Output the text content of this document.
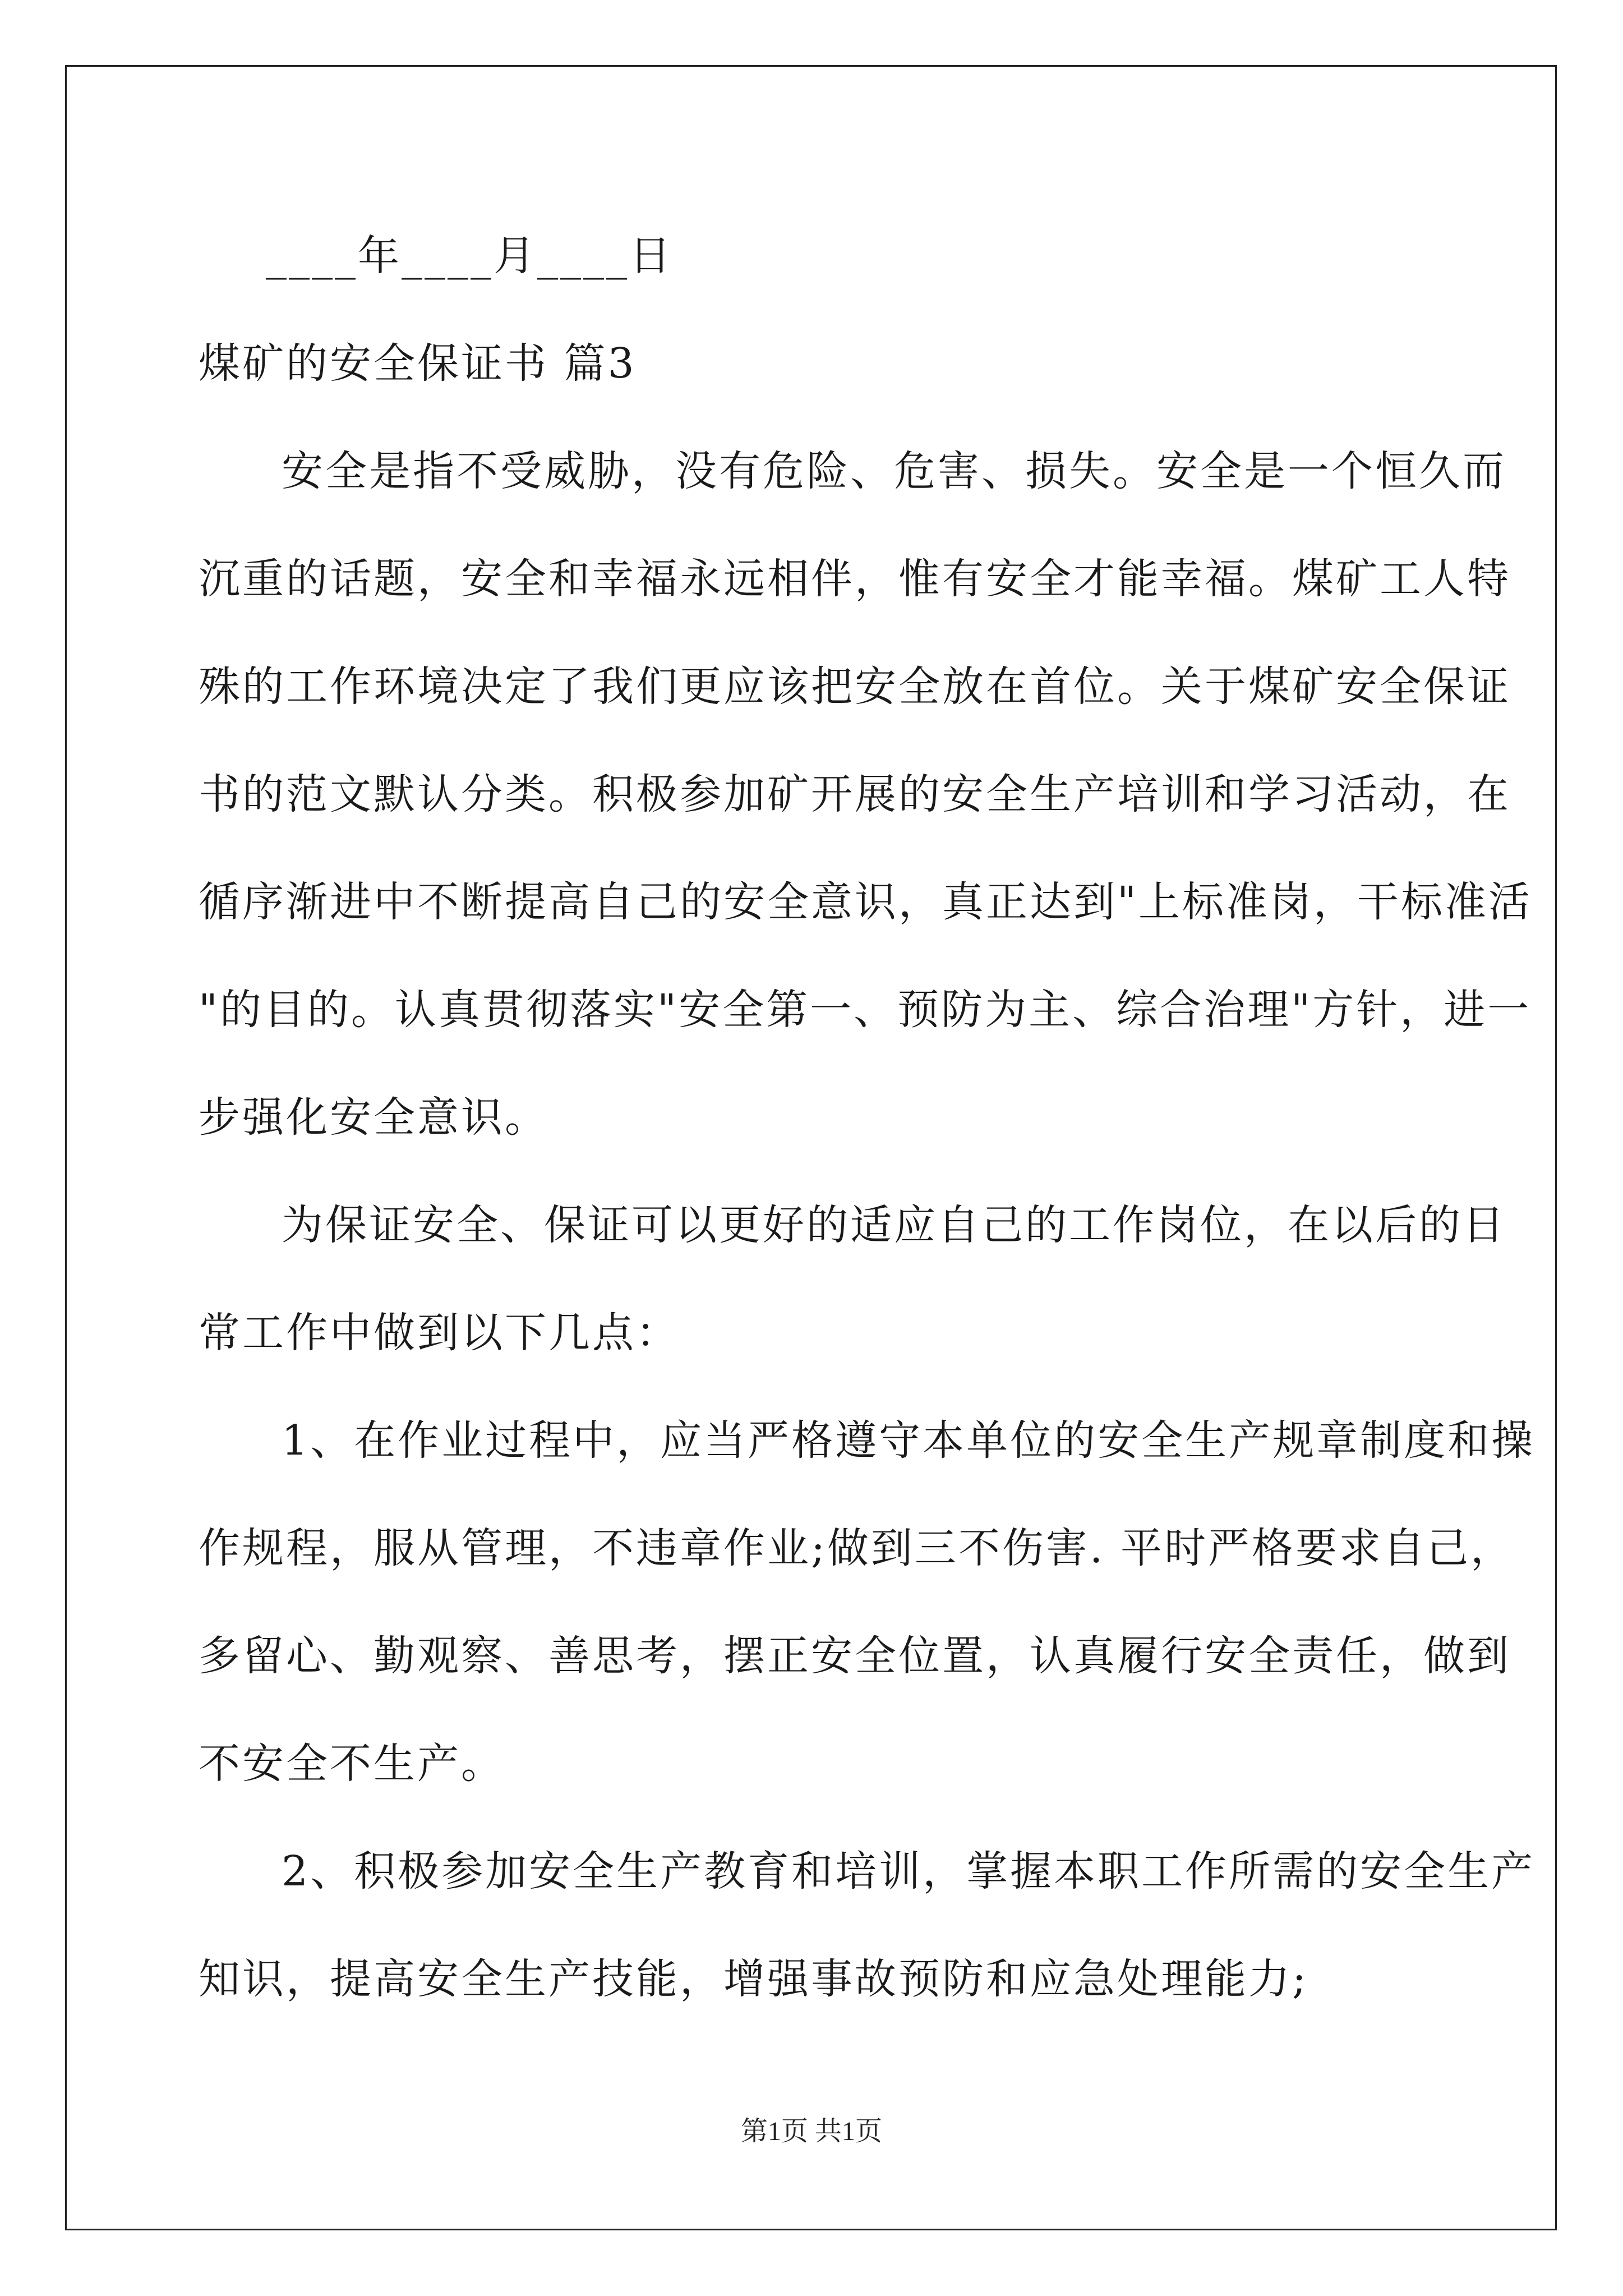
____年____月____日
煤矿的安全保证书 篇3
安全是指不受威胁，没有危险、危害、损失。安全是一个恒久而
沉重的话题，安全和幸福永远相伴，惟有安全才能幸福。煤矿工人特
殊的工作环境决定了我们更应该把安全放在首位。关于煤矿安全保证
书的范文默认分类。积极参加矿开展的安全生产培训和学习活动，在
循序渐进中不断提高自己的安全意识，真正达到"上标准岗，干标准活
"的目的。认真贯彻落实"安全第一、预防为主、综合治理"方针，进一
步强化安全意识。
为保证安全、保证可以更好的适应自己的工作岗位，在以后的日
常工作中做到以下几点：
1、在作业过程中，应当严格遵守本单位的安全生产规章制度和操
作规程，服从管理，不违章作业;做到三不伤害. 平时严格要求自己，
多留心、勤观察、善思考，摆正安全位置，认真履行安全责任，做到
不安全不生产。
2、积极参加安全生产教育和培训，掌握本职工作所需的安全生产
知识，提高安全生产技能，增强事故预防和应急处理能力;
第1页 共1页
